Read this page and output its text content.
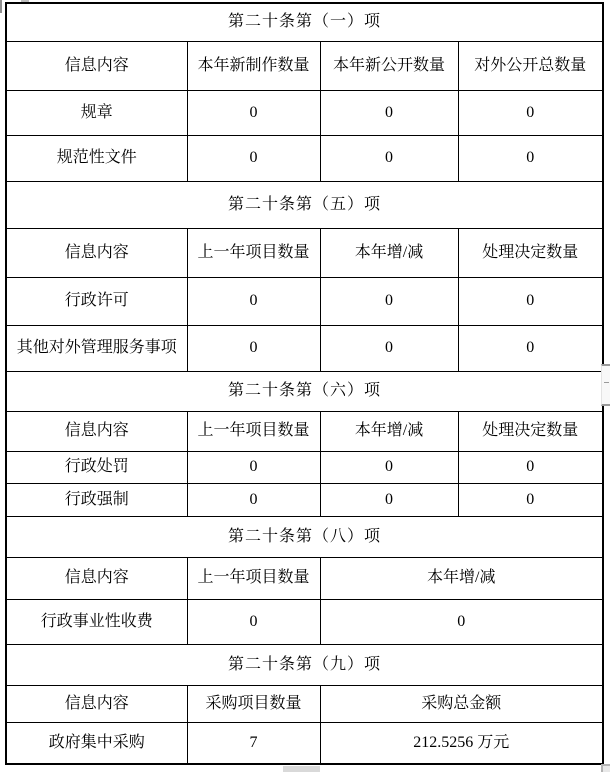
第二十条第（一）项			
信息内容	本年新制作数量	本年新公开数量	对外公开总数量
规章	0	0	0
规范性文件	0	0	0
第二十条第（五）项			
信息内容	上一年项目数量	本年增/减	处理决定数量
行政许可	0	0	0
其他对外管理服务事项	0	0	0
第二十条第（六）项			
信息内容	上一年项目数量	本年增/减	处理决定数量
行政处罚	0	0	0
行政强制	0	0	0
第二十条第（八）项			
信息内容	上一年项目数量	本年增/减	
行政事业性收费	0	0	
第二十条第（九）项			
信息内容	采购项目数量	采购总金额	
政府集中采购	7	212.5256 万元	
